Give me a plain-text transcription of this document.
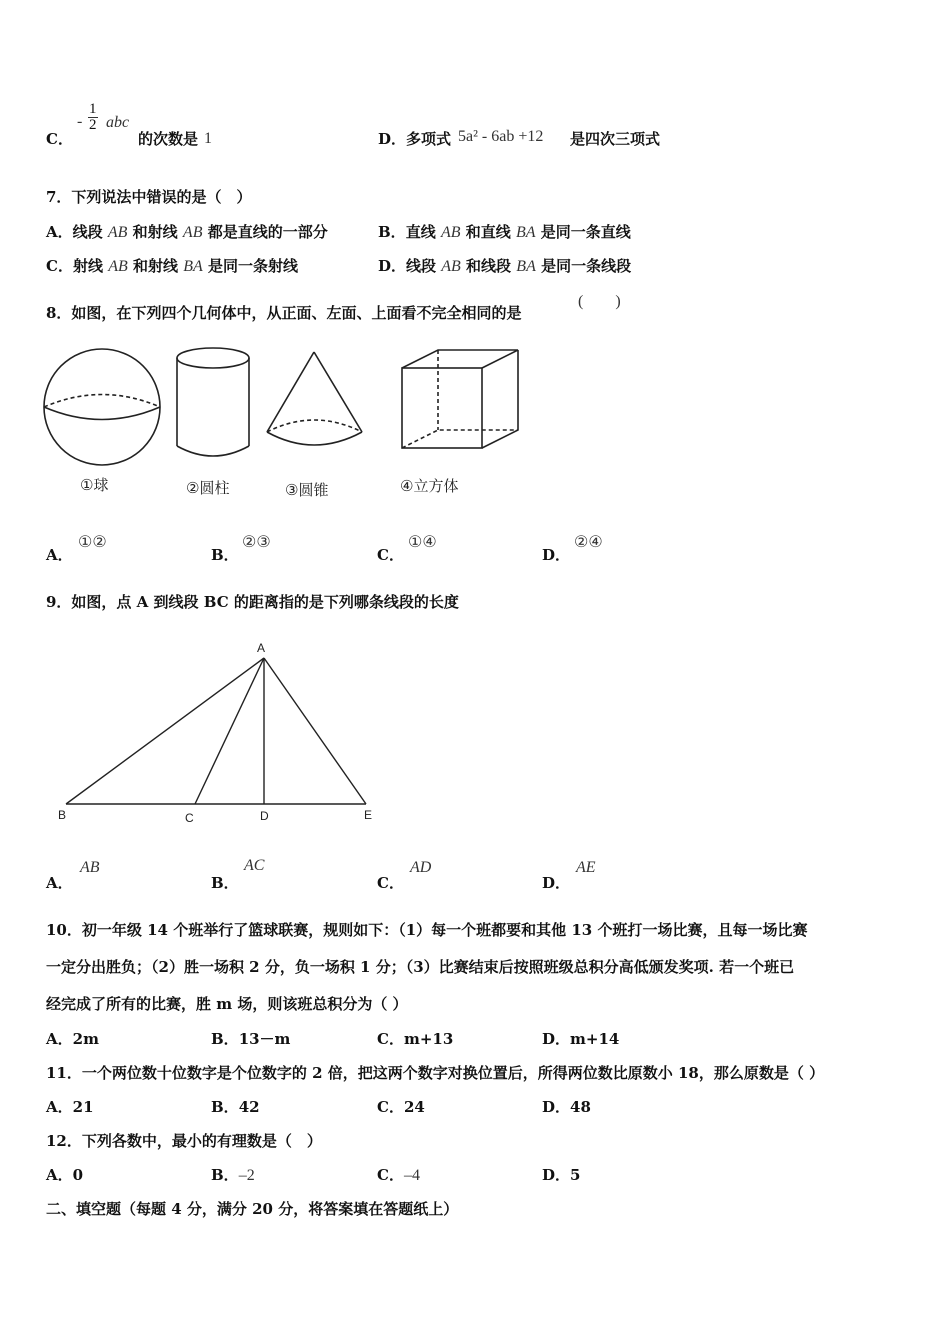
C．
- $\frac{1}{2}$ abc
的次数是 1	D． 多项式 5a² - 6ab +12 是四次三项式
7．下列说法中错误的是（　）
A．线段 AB 和射线 AB 都是直线的一部分	B．直线 AB 和直线 BA 是同一条直线
C．射线 AB 和射线 BA 是同一条射线	D．线段 AB 和线段 BA 是同一条线段
8．如图，在下列四个几何体中，从正面、左面、上面看不完全相同的是
(　　)
①球	②圆柱	③圆锥	④立方体
A．
①②
B．
②③
C．
①④
D．
②④
9．如图，点 A 到线段 BC 的距离指的是下列哪条线段的长度
A
B	C	D	E
A．
AB
B．
AC
C．
AD
D．
AE
10．初一年级 14 个班举行了篮球联赛，规则如下：（1）每一个班都要和其他 13 个班打一场比赛，且每一场比赛
一定分出胜负；（2）胜一场积 2 分，负一场积 1 分；（3）比赛结束后按照班级总积分高低颁发奖项. 若一个班已
经完成了所有的比赛，胜 m 场，则该班总积分为（ ）
A．2m	B．13－m	C．m+13	D．m+14
11．一个两位数十位数字是个位数字的 2 倍，把这两个数字对换位置后，所得两位数比原数小 18，那么原数是（ ）
A．21	B．42	C．24	D．48
12．下列各数中，最小的有理数是（　）
A．0	B．–2	C．–4	D．5
二、填空题（每题 4 分，满分 20 分，将答案填在答题纸上）
